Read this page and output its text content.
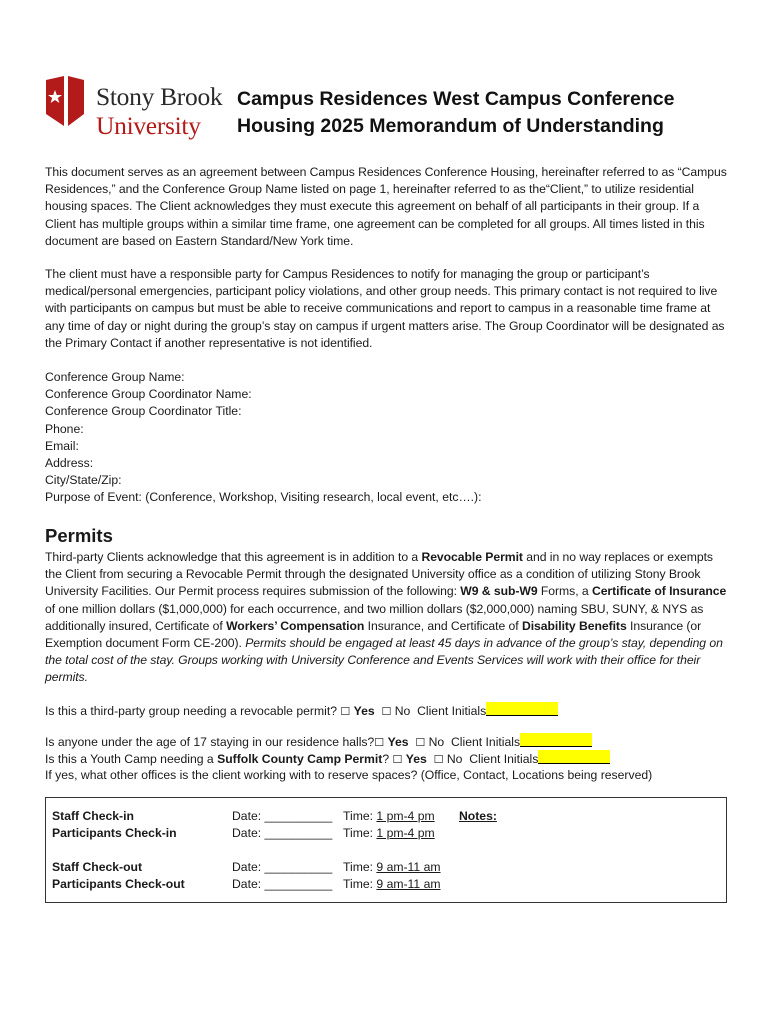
Stony Brook
University
Campus Residences West Campus Conference Housing 2025 Memorandum of Understanding

This document serves as an agreement between Campus Residences Conference Housing, hereinafter referred to as “Campus Residences,” and the Conference Group Name listed on page 1, hereinafter referred to as the“Client,” to utilize residential housing spaces. The Client acknowledges they must execute this agreement on behalf of all participants in their group. If a Client has multiple groups within a similar time frame, one agreement can be completed for all groups. All times listed in this document are based on Eastern Standard/New York time.

The client must have a responsible party for Campus Residences to notify for managing the group or participant’s medical/personal emergencies, participant policy violations, and other group needs. This primary contact is not required to live with participants on campus but must be able to receive communications and report to campus in a reasonable time frame at any time of day or night during the group’s stay on campus if urgent matters arise. The Group Coordinator will be designated as the Primary Contact if another representative is not identified.

Conference Group Name:
Conference Group Coordinator Name:
Conference Group Coordinator Title:
Phone:
Email:
Address:
City/State/Zip:
Purpose of Event: (Conference, Workshop, Visiting research, local event, etc….):
Permits

Third-party Clients acknowledge that this agreement is in addition to a Revocable Permit and in no way replaces or exempts the Client from securing a Revocable Permit through the designated University office as a condition of utilizing Stony Brook University Facilities. Our Permit process requires submission of the following: W9 & sub-W9 Forms, a Certificate of Insurance of one million dollars ($1,000,000) for each occurrence, and two million dollars ($2,000,000) naming SBU, SUNY, & NYS as additionally insured, Certificate of Workers’ Compensation Insurance, and Certificate of Disability Benefits Insurance (or Exemption document Form CE-200). Permits should be engaged at least 45 days in advance of the group’s stay, depending on the total cost of the stay. Groups working with University Conference and Events Services will work with their office for their permits.

Is this a third-party group needing a revocable permit? ☐ Yes ☐ No Client Initials
Is anyone under the age of 17 staying in our residence halls?☐ Yes ☐ No Client Initials
Is this a Youth Camp needing a Suffolk County Camp Permit? ☐ Yes ☐ No Client Initials
If yes, what other offices is the client working with to reserve spaces? (Office, Contact, Locations being reserved)
Staff Check-in	Date: __________ Time: 1 pm-4 pm Notes:
Participants Check-in	Date: __________ Time: 1 pm-4 pm
Staff Check-out	Date: __________ Time: 9 am-11 am
Participants Check-out	Date: __________ Time: 9 am-11 am
